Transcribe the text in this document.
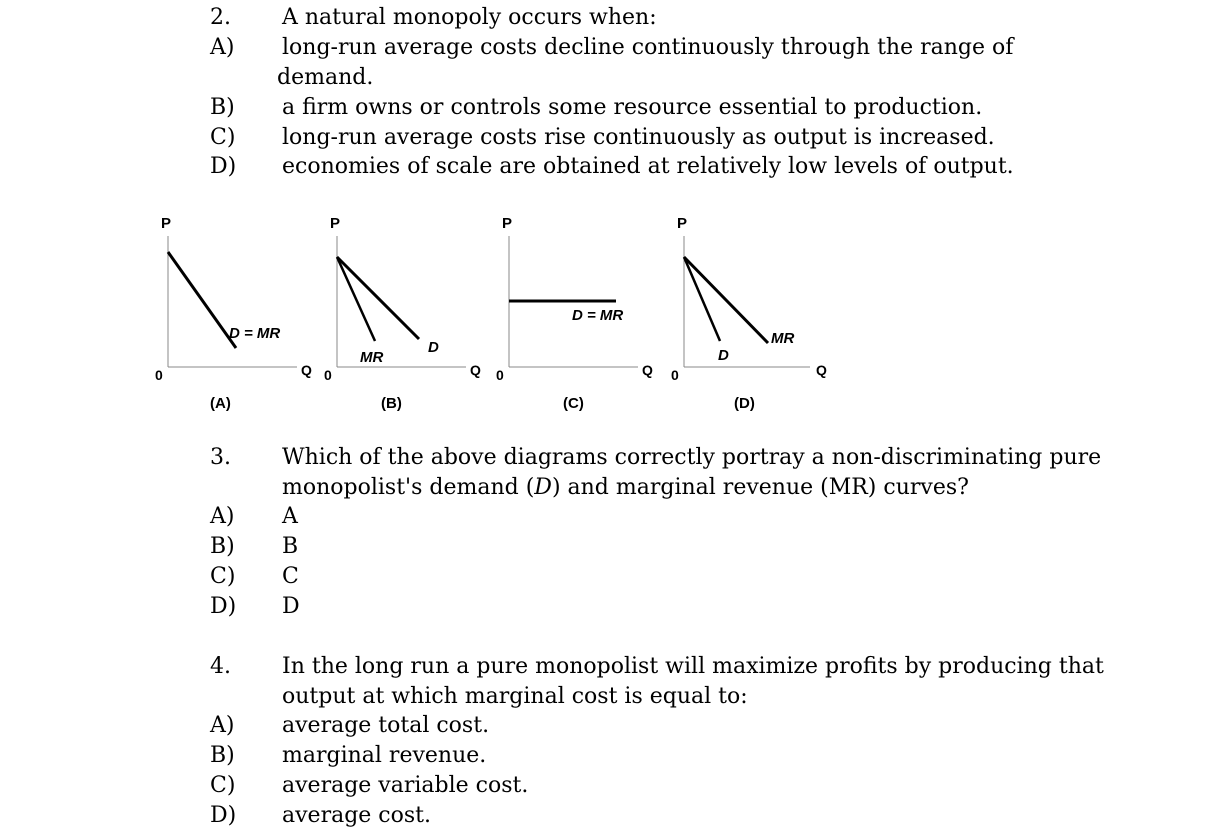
2. A natural monopoly occurs when:
A) long-run average costs decline continuously through the range of
demand.
B) a firm owns or controls some resource essential to production.
C) long-run average costs rise continuously as output is increased.
D) economies of scale are obtained at relatively low levels of output.
P
0	Q
D = MR
(A)
P
0	Q
MR
D
(B)
P
0	Q
D = MR
(C)
P
0	Q
D
MR
(D)
3. Which of the above diagrams correctly portray a non-discriminating pure
monopolist's demand (D) and marginal revenue (MR) curves?
A) A
B) B
C) C
D) D
4. In the long run a pure monopolist will maximize profits by producing that
output at which marginal cost is equal to:
A) average total cost.
B) marginal revenue.
C) average variable cost.
D) average cost.
